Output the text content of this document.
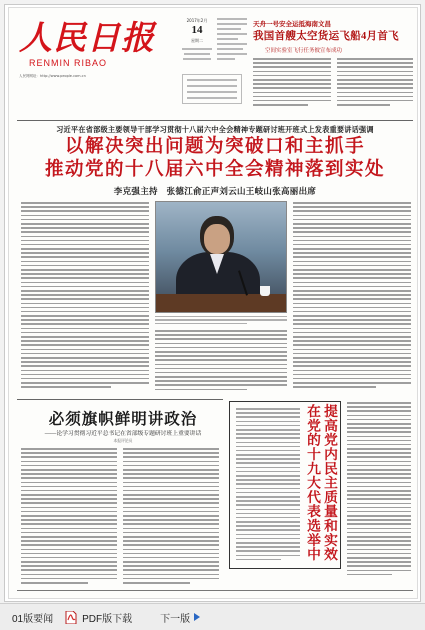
人民日报
RENMIN RIBAO
人民网网址：http://www.people.com.cn
2017年2月
14
星期二
天舟一号安全运抵海南文昌
我国首艘太空货运飞船4月首飞
空间实验室飞行任务彼宣布成功
习近平在省部级主要领导干部学习贯彻十八届六中全会精神专题研讨班开班式上发表重要讲话强调
以解决突出问题为突破口和主抓手
推动党的十八届六中全会精神落到实处
李克强主持　张德江俞正声刘云山王岐山张高丽出席
必须旗帜鲜明讲政治
——论学习贯彻习近平总书记在省部级专题研讨班上重要讲话
本报评论员	在党的十九大代表选举中 提高党内民主质量和实效
01版要闻	PDF版下载	下一版
